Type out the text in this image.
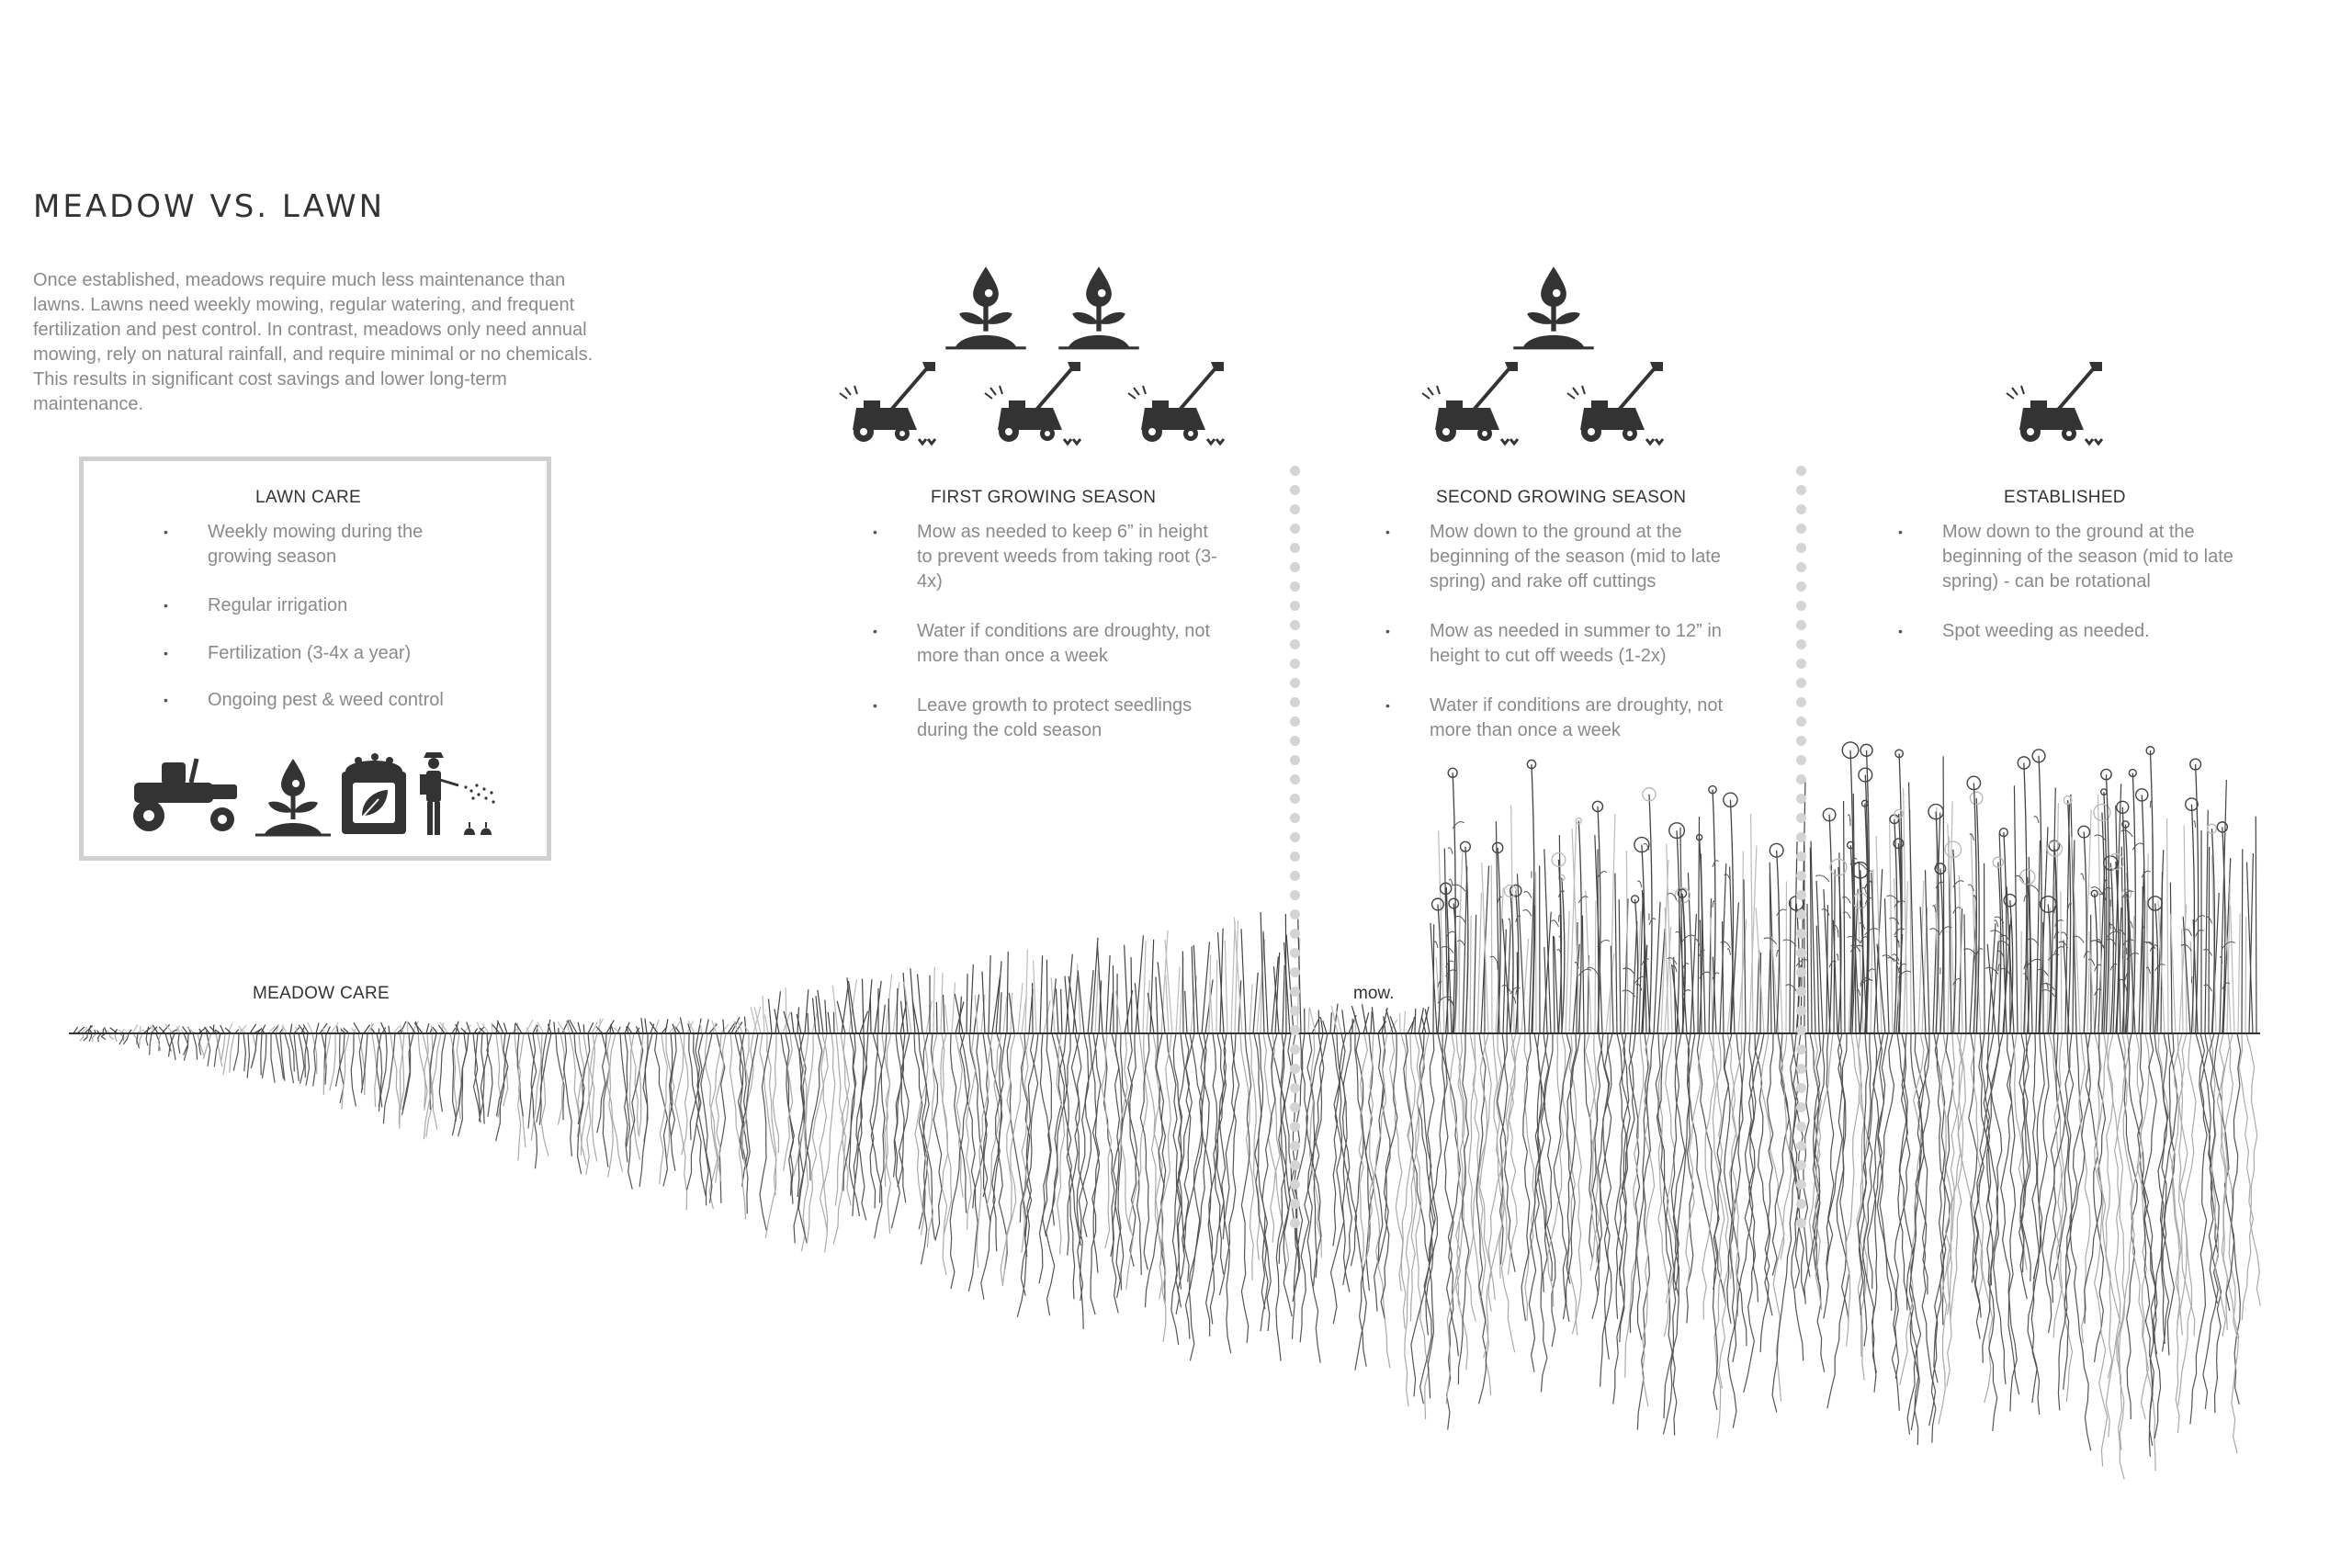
MEADOW VS. LAWN
Once established, meadows require much less maintenance than lawns. Lawns need weekly mowing, regular watering, and frequent fertilization and pest control. In contrast, meadows only need annual mowing, rely on natural rainfall, and require minimal or no chemicals. This results in significant cost savings and lower long-term maintenance.
LAWN CARE
• Weekly mowing during the growing season
• Regular irrigation
• Fertilization (3-4x a year)
• Ongoing pest & weed control
FIRST GROWING SEASON	SECOND GROWING SEASON	ESTABLISHED
• Mow as needed to keep 6” in height to prevent weeds from taking root (3-4x)
• Water if conditions are droughty, not more than once a week
• Leave growth to protect seedlings during the cold season
• Mow down to the ground at the beginning of the season (mid to late spring) and rake off cuttings
• Mow as needed in summer to 12” in height to cut off weeds (1-2x)
• Water if conditions are droughty, not more than once a week
• Mow down to the ground at the beginning of the season (mid to late spring) - can be rotational
• Spot weeding as needed.
MEADOW CARE	mow.
